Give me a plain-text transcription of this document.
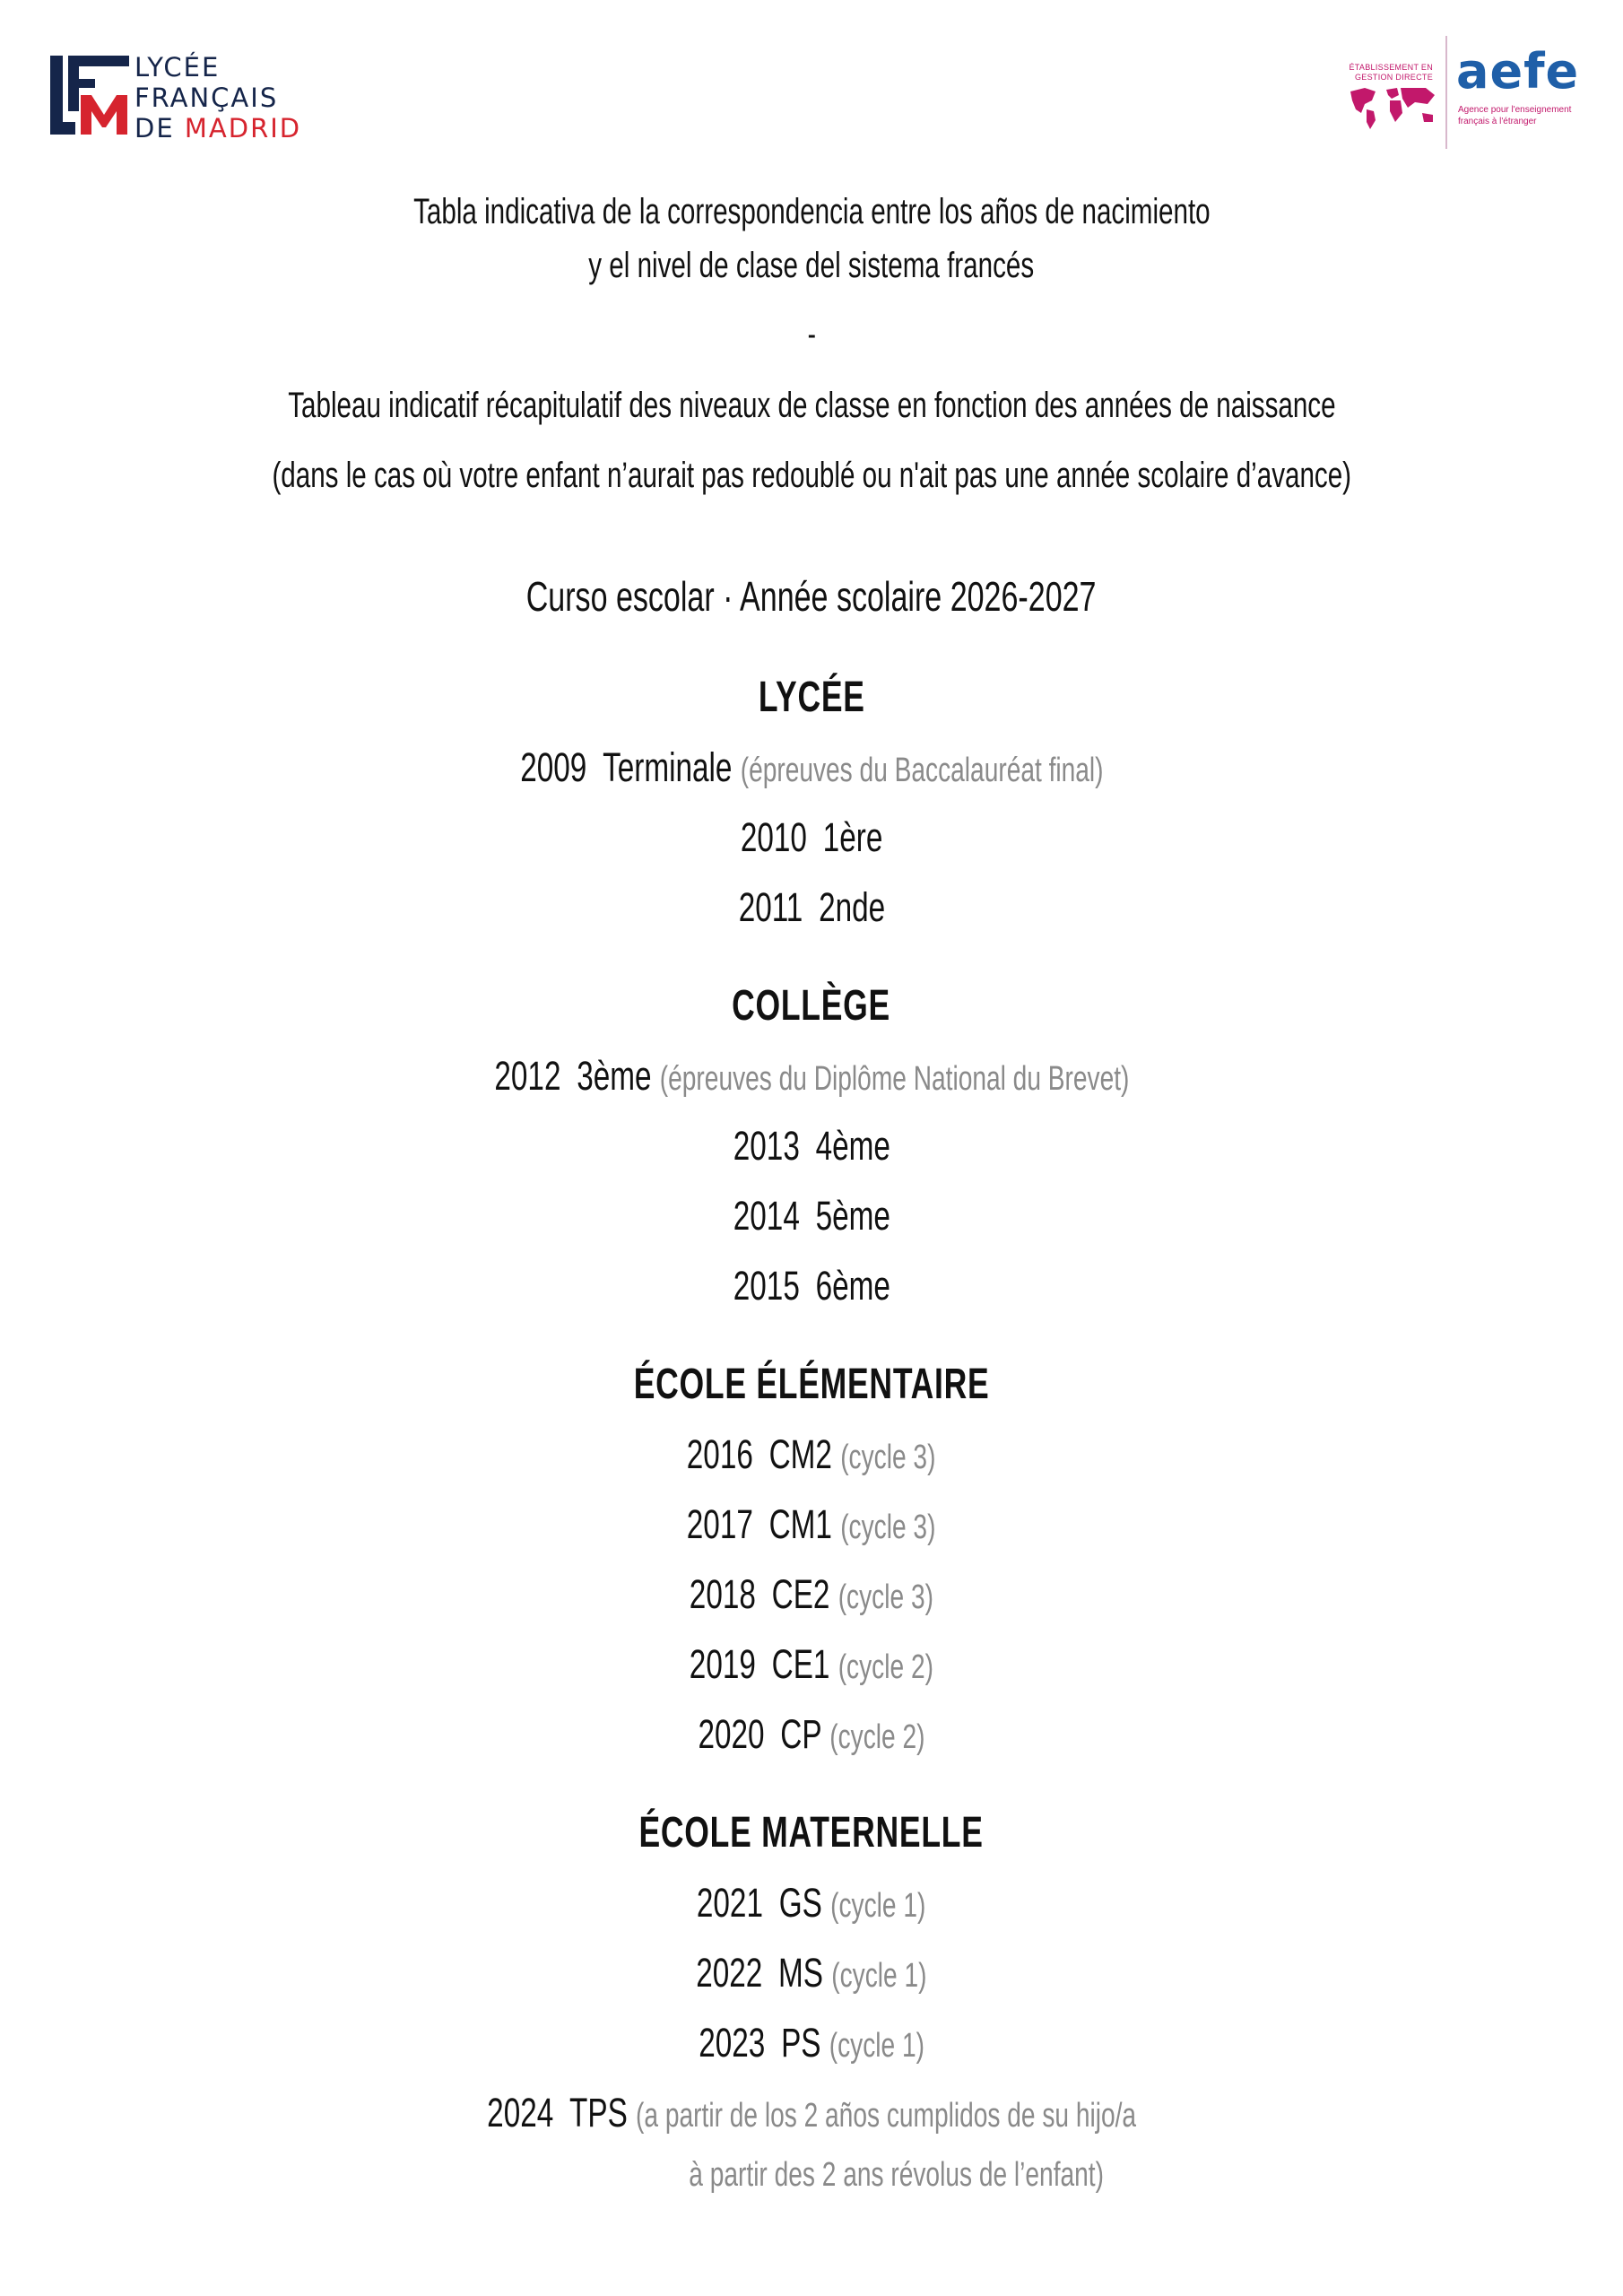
LYCÉE
FRANÇAIS
DE MADRID
ÉTABLISSEMENT EN GESTION DIRECTE aefe
Agence pour l'enseignement français à l'étranger
Tabla indicativa de la correspondencia entre los años de nacimiento
y el nivel de clase del sistema francés
-
Tableau indicatif récapitulatif des niveaux de classe en fonction des années de naissance
(dans le cas où votre enfant n’aurait pas redoublé ou n'ait pas une année scolaire d’avance)
Curso escolar · Année scolaire 2026-2027
LYCÉE
2009 Terminale (épreuves du Baccalauréat final)
2010 1ère
2011 2nde
COLLÈGE
2012 3ème (épreuves du Diplôme National du Brevet)
2013 4ème
2014 5ème
2015 6ème
ÉCOLE ÉLÉMENTAIRE
2016 CM2 (cycle 3)
2017 CM1 (cycle 3)
2018 CE2 (cycle 3)
2019 CE1 (cycle 2)
2020 CP (cycle 2)
ÉCOLE MATERNELLE
2021 GS (cycle 1)
2022 MS (cycle 1)
2023 PS (cycle 1)
2024 TPS (a partir de los 2 años cumplidos de su hijo/a
à partir des 2 ans révolus de l’enfant)
